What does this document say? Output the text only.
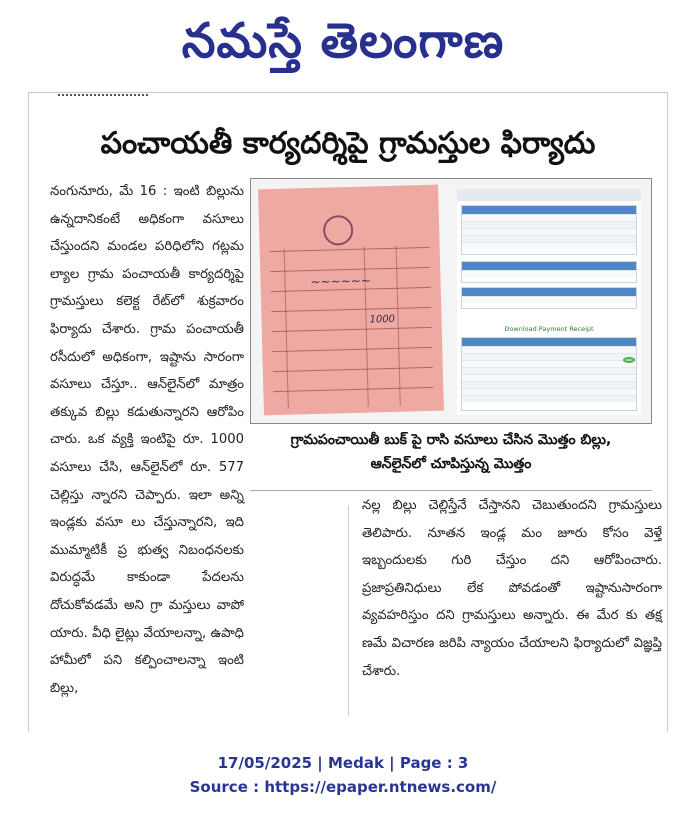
నమస్తే తెలంగాణ
పంచాయతీ కార్యదర్శిపై గ్రామస్తుల ఫిర్యాదు

నంగునూరు, మే 16 : ఇంటి బిల్లును ఉన్నదానికంటే అధికంగా వసూలు చేస్తుందని మండల పరిధిలోని గట్లమ ల్యాల గ్రామ పంచాయతీ కార్యదర్శిపై గ్రామస్తులు కలెక్ట రేట్‌లో శుక్రవారం ఫిర్యాదు చేశారు. గ్రామ పంచాయతీ రసీదులో అధికంగా, ఇష్టాను సారంగా వసూలు చేస్తూ.. ఆన్‌లైన్‌లో మాత్రం తక్కువ బిల్లు కడుతున్నారని ఆరోపిం చారు. ఒక వ్యక్తి ఇంటిపై రూ. 1000 వసూలు చేసి, ఆన్‌లైన్‌లో రూ. 577 చెల్లిస్తు న్నారని చెప్పారు. ఇలా అన్ని ఇండ్లకు వసూ లు చేస్తున్నారని, ఇది ముమ్మాటికీ ప్ర భుత్వ నిబంధనలకు విరుద్ధమే కాకుండా పేదలను దోచుకోవడమే అని గ్రా మస్తులు వాపో యారు. వీధి లైట్లు వేయాలన్నా, ఉపాధి హామీలో పని కల్పించాలన్నా ఇంటి బిల్లు,

~~~~~~
1000
Download Payment Receipt
గ్రామపంచాయితీ బుక్ పై రాసి వసూలు చేసిన మొత్తం బిల్లు,
ఆన్‌లైన్‌లో చూపిస్తున్న మొత్తం

నల్ల బిల్లు చెల్లిస్తేనే చేస్తానని చెబుతుందని గ్రామస్తులు తెలిపారు. నూతన ఇండ్ల మం జూరు కోసం వెళ్తే ఇబ్బందులకు గురి చేస్తుం దని ఆరోపించారు. ప్రజాప్రతినిధులు లేక పోవడంతో ఇష్టానుసారంగా వ్యవహరిస్తుం దని గ్రామస్తులు అన్నారు. ఈ మేర కు తక్ష ణమే విచారణ జరిపి న్యాయం చేయాలని ఫిర్యాదులో విజ్ఞప్తి చేశారు.

17/05/2025 | Medak | Page : 3
Source : https://epaper.ntnews.com/
